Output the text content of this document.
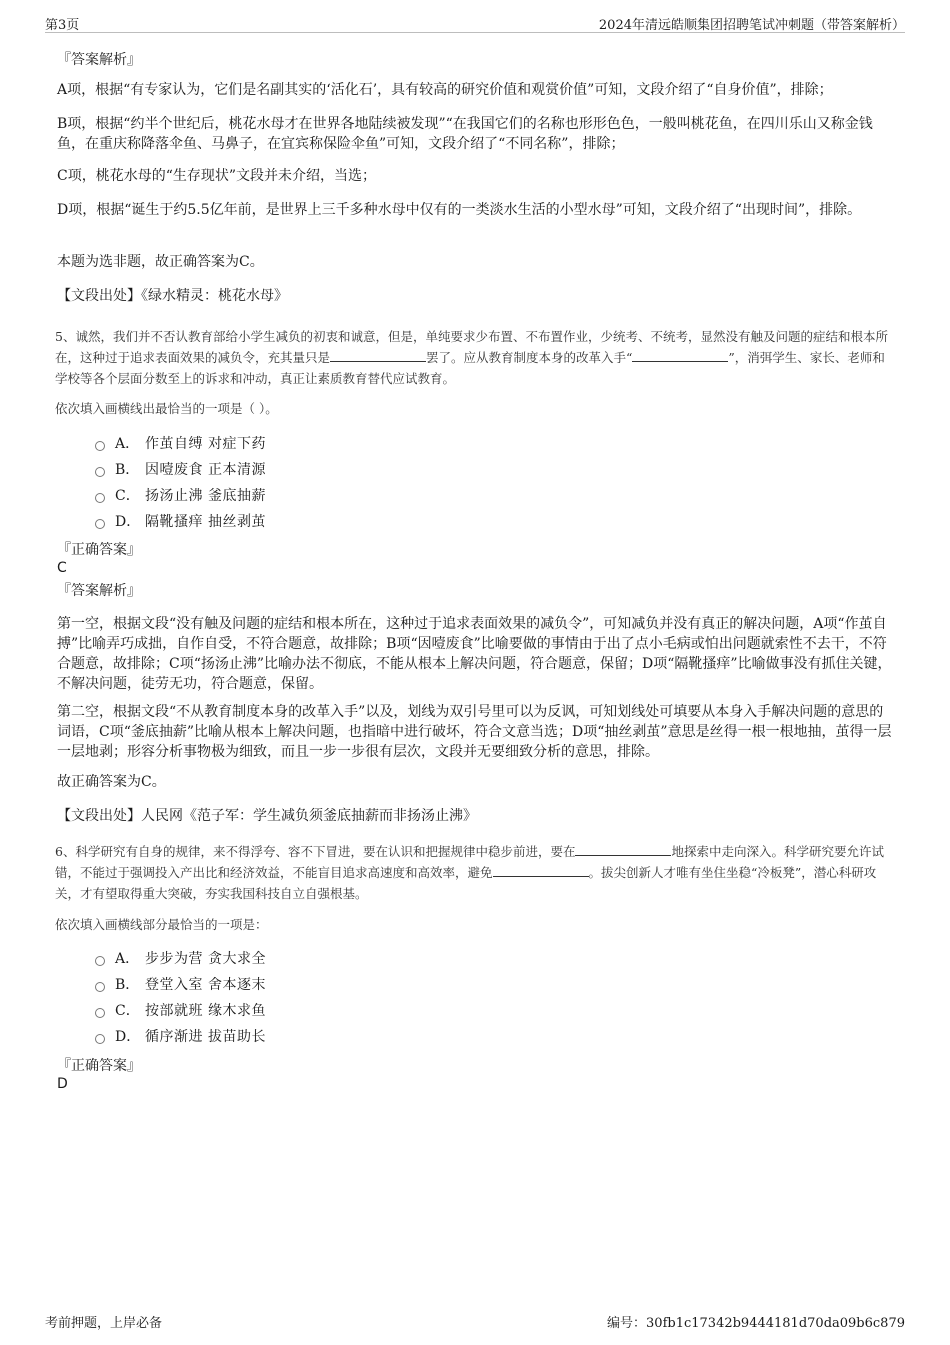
第3页	2024年清远皓顺集团招聘笔试冲刺题（带答案解析）
『答案解析』
A项，根据“有专家认为，它们是名副其实的‘活化石’，具有较高的研究价值和观赏价值”可知，文段介绍了“自身价值”，排除；
B项，根据“约半个世纪后，桃花水母才在世界各地陆续被发现”“在我国它们的名称也形形色色，一般叫桃花鱼，在四川乐山又称金钱鱼，在重庆称降落伞鱼、马鼻子，在宜宾称保险伞鱼”可知，文段介绍了“不同名称”，排除；
C项，桃花水母的“生存现状”文段并未介绍，当选；
D项，根据“诞生于约5.5亿年前，是世界上三千多种水母中仅有的一类淡水生活的小型水母”可知，文段介绍了“出现时间”，排除。
本题为选非题，故正确答案为C。
【文段出处】《绿水精灵：桃花水母》
5、诚然，我们并不否认教育部给小学生减负的初衷和诚意，但是，单纯要求少布置、不布置作业，少统考、不统考，显然没有触及问题的症结和根本所在，这种过于追求表面效果的减负令，充其量只是	罢了。应从教育制度本身的改革入手“	”，消弭学生、家长、老师和学校等各个层面分数至上的诉求和冲动，真正让素质教育替代应试教育。
依次填入画横线出最恰当的一项是（ ）。
A． 作茧自缚 对症下药
B． 因噎废食 正本清源
C． 扬汤止沸 釜底抽薪
D． 隔靴搔痒 抽丝剥茧
『正确答案』
C
『答案解析』
第一空，根据文段“没有触及问题的症结和根本所在，这种过于追求表面效果的减负令”，可知减负并没有真正的解决问题，A项“作茧自搏”比喻弄巧成拙，自作自受，不符合题意，故排除；B项“因噎废食”比喻要做的事情由于出了点小毛病或怕出问题就索性不去干，不符合题意，故排除；C项“扬汤止沸”比喻办法不彻底，不能从根本上解决问题，符合题意，保留；D项“隔靴搔痒”比喻做事没有抓住关键，不解决问题，徒劳无功，符合题意，保留。
第二空，根据文段“不从教育制度本身的改革入手”以及，划线为双引号里可以为反讽，可知划线处可填要从本身入手解决问题的意思的词语，C项“釜底抽薪”比喻从根本上解决问题，也指暗中进行破坏，符合文意当选；D项“抽丝剥茧”意思是丝得一根一根地抽，茧得一层一层地剥；形容分析事物极为细致，而且一步一步很有层次，文段并无要细致分析的意思，排除。
故正确答案为C。
【文段出处】人民网《范子军：学生减负须釜底抽薪而非扬汤止沸》
6、科学研究有自身的规律，来不得浮夸、容不下冒进，要在认识和把握规律中稳步前进，要在	地探索中走向深入。科学研究要允许试错，不能过于强调投入产出比和经济效益，不能盲目追求高速度和高效率，避免	。拔尖创新人才唯有坐住坐稳“冷板凳”，潜心科研攻关，才有望取得重大突破，夯实我国科技自立自强根基。
依次填入画横线部分最恰当的一项是：
A． 步步为营 贪大求全
B． 登堂入室 舍本逐末
C． 按部就班 缘木求鱼
D． 循序渐进 拔苗助长
『正确答案』
D
考前押题，上岸必备	编号：30fb1c17342b9444181d70da09b6c879
